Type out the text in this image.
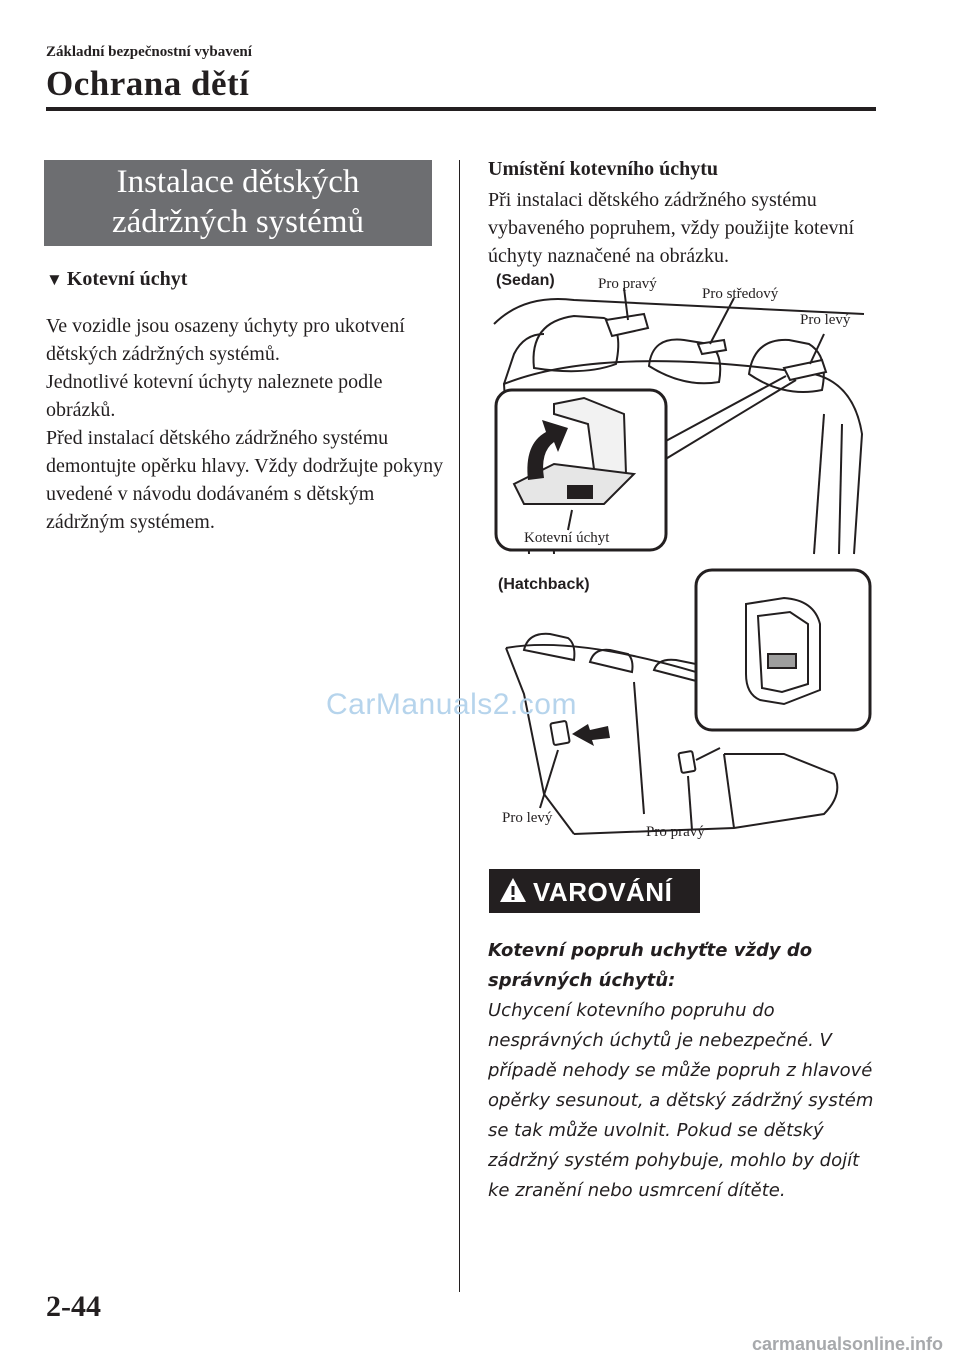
Základní bezpečnostní vybavení
Ochrana dětí
Instalace dětských
zádržných systémů
▼ Kotevní úchyt
Ve vozidle jsou osazeny úchyty pro ukotvení dětských zádržných systémů.
Jednotlivé kotevní úchyty naleznete podle obrázků.
Před instalací dětského zádržného systému demontujte opěrku hlavy. Vždy dodržujte pokyny uvedené v návodu dodávaném s dětským zádržným systémem.
Umístění kotevního úchytu
Při instalaci dětského zádržného systému vybaveného popruhem, vždy použijte kotevní úchyty naznačené na obrázku.
(Sedan)	Pro pravý
Pro středový
Pro levý
Kotevní úchyt
(Hatchback)
Pro levý
Pro pravý
VAROVÁNÍ
Kotevní popruh uchyťte vždy do správných úchytů:
Uchycení kotevního popruhu do nesprávných úchytů je nebezpečné. V případě nehody se může popruh z hlavové opěrky sesunout, a dětský zádržný systém se tak může uvolnit. Pokud se dětský zádržný systém pohybuje, mohlo by dojít ke zranění nebo usmrcení dítěte.
CarManuals2.com
2-44
carmanualsonline.info
